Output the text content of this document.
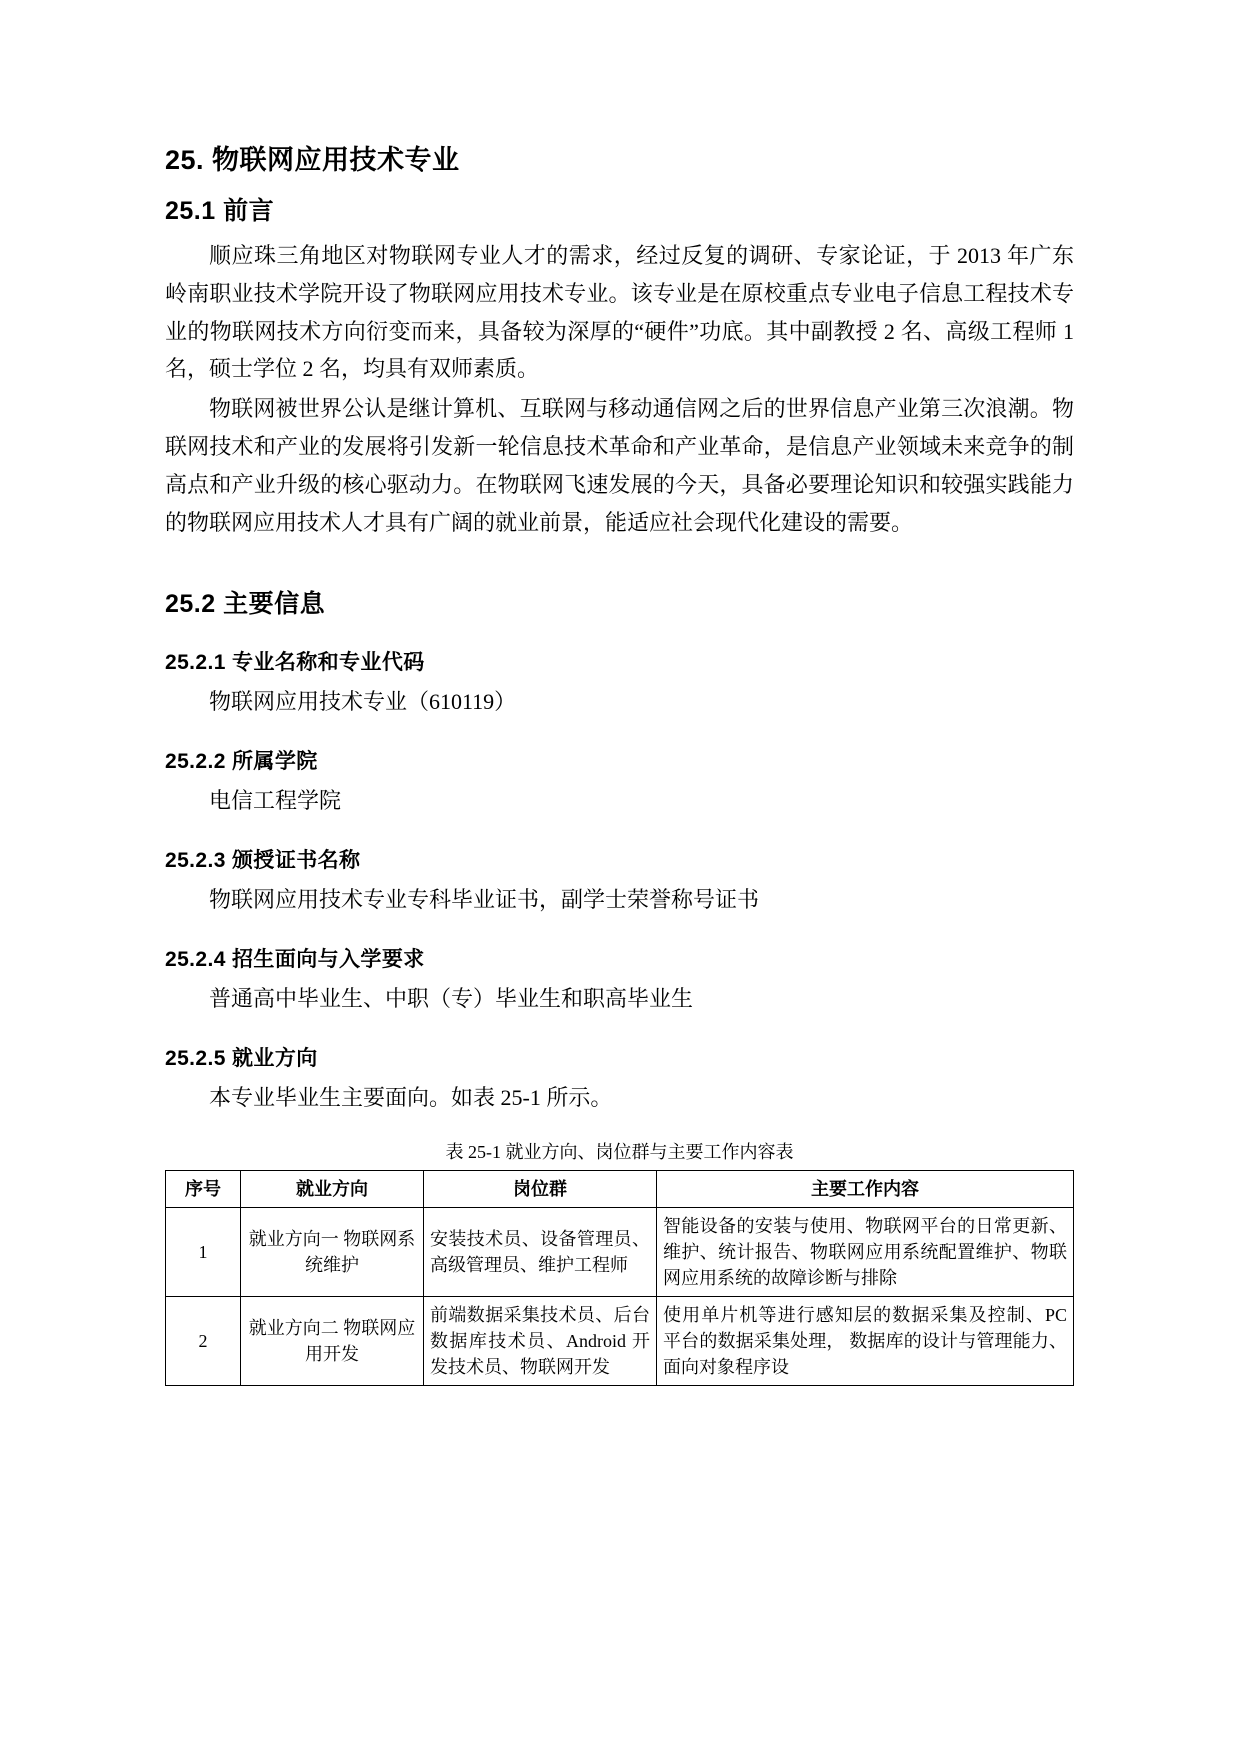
25. 物联网应用技术专业
25.1 前言

顺应珠三角地区对物联网专业人才的需求，经过反复的调研、专家论证，于 2013 年广东岭南职业技术学院开设了物联网应用技术专业。该专业是在原校重点专业电子信息工程技术专业的物联网技术方向衍变而来，具备较为深厚的“硬件”功底。其中副教授 2 名、高级工程师 1 名，硕士学位 2 名，均具有双师素质。

物联网被世界公认是继计算机、互联网与移动通信网之后的世界信息产业第三次浪潮。物联网技术和产业的发展将引发新一轮信息技术革命和产业革命，是信息产业领域未来竞争的制高点和产业升级的核心驱动力。在物联网飞速发展的今天，具备必要理论知识和较强实践能力的物联网应用技术人才具有广阔的就业前景，能适应社会现代化建设的需要。

25.2 主要信息
25.2.1 专业名称和专业代码

物联网应用技术专业（610119）

25.2.2 所属学院

电信工程学院

25.2.3 颁授证书名称

物联网应用技术专业专科毕业证书，副学士荣誉称号证书

25.2.4 招生面向与入学要求

普通高中毕业生、中职（专）毕业生和职高毕业生

25.2.5 就业方向

本专业毕业生主要面向。如表 25-1 所示。

表 25-1 就业方向、岗位群与主要工作内容表
序号	就业方向	岗位群	主要工作内容
1	就业方向一 物联网系统维护	安装技术员、设备管理员、高级管理员、维护工程师	智能设备的安装与使用、物联网平台的日常更新、维护、统计报告、物联网应用系统配置维护、物联网应用系统的故障诊断与排除
2	就业方向二 物联网应用开发	前端数据采集技术员、后台数据库技术员、Android 开发技术员、物联网开发	使用单片机等进行感知层的数据采集及控制、PC 平台的数据采集处理， 数据库的设计与管理能力、面向对象程序设
